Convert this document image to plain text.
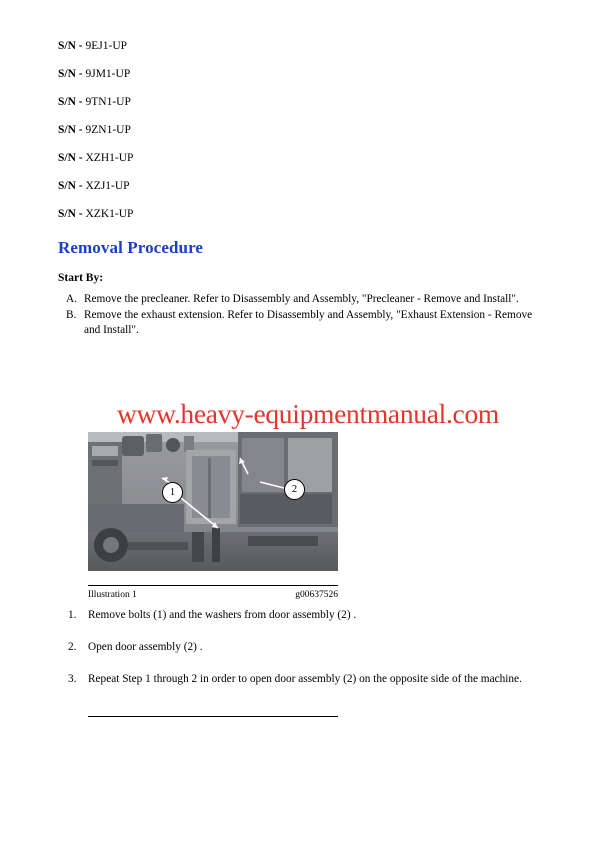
S/N - 9EJ1-UP

S/N - 9JM1-UP

S/N - 9TN1-UP

S/N - 9ZN1-UP

S/N - XZH1-UP

S/N - XZJ1-UP

S/N - XZK1-UP

Removal Procedure
Start By:
A. Remove the precleaner. Refer to Disassembly and Assembly, "Precleaner - Remove and Install".
B. Remove the exhaust extension. Refer to Disassembly and Assembly, "Exhaust Extension - Remove and Install".
www.heavy-equipmentmanual.com
1	2
Illustration 1	g00637526
1. Remove bolts (1) and the washers from door assembly (2) .
2. Open door assembly (2) .
3. Repeat Step 1 through 2 in order to open door assembly (2) on the opposite side of the machine.
